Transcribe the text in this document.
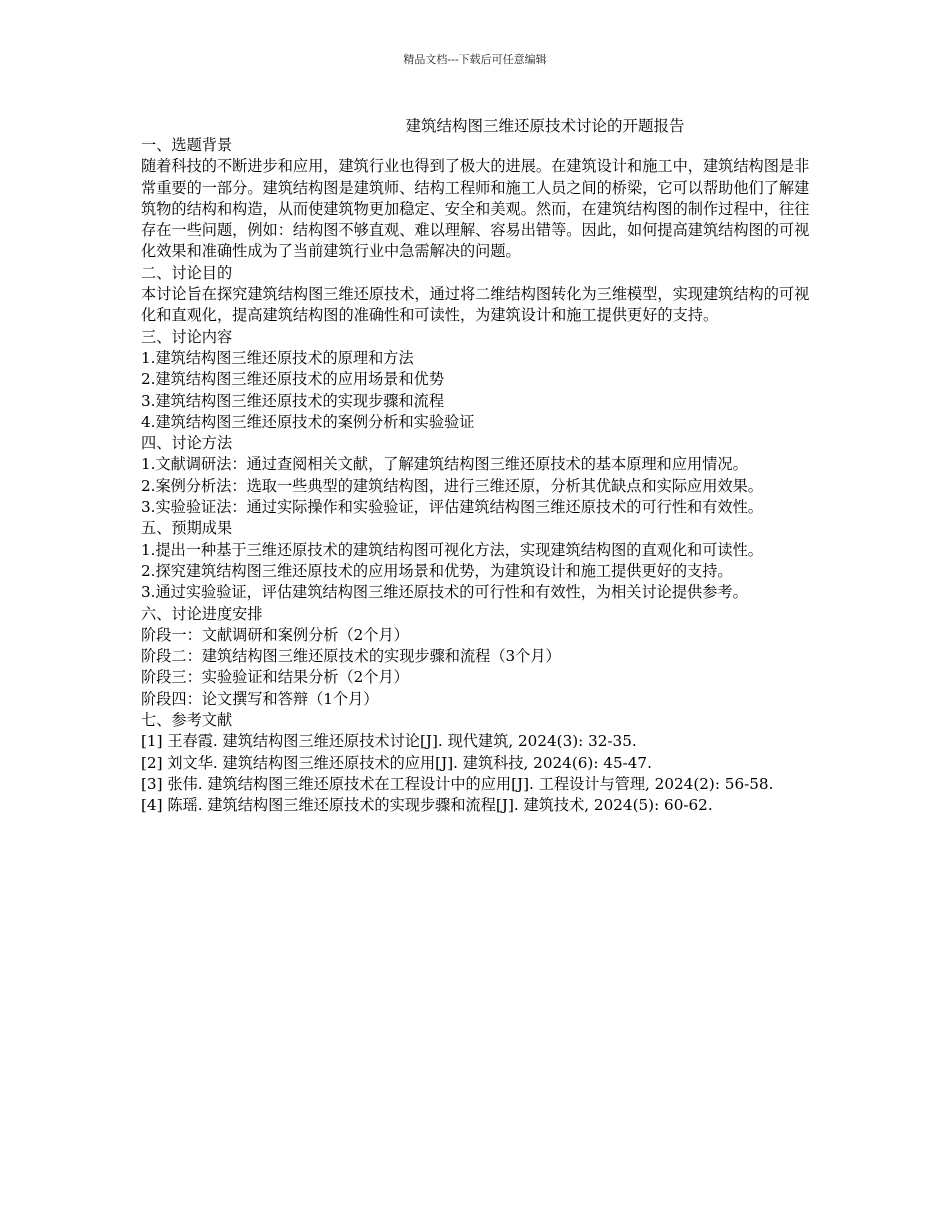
精品文档---下载后可任意编辑
建筑结构图三维还原技术讨论的开题报告

一、选题背景

随着科技的不断进步和应用，建筑行业也得到了极大的进展。在建筑设计和施工中，建筑结构图是非常重要的一部分。建筑结构图是建筑师、结构工程师和施工人员之间的桥梁，它可以帮助他们了解建筑物的结构和构造，从而使建筑物更加稳定、安全和美观。然而，在建筑结构图的制作过程中，往往存在一些问题，例如：结构图不够直观、难以理解、容易出错等。因此，如何提高建筑结构图的可视化效果和准确性成为了当前建筑行业中急需解决的问题。

二、讨论目的

本讨论旨在探究建筑结构图三维还原技术，通过将二维结构图转化为三维模型，实现建筑结构的可视化和直观化，提高建筑结构图的准确性和可读性，为建筑设计和施工提供更好的支持。

三、讨论内容

1.建筑结构图三维还原技术的原理和方法

2.建筑结构图三维还原技术的应用场景和优势

3.建筑结构图三维还原技术的实现步骤和流程

4.建筑结构图三维还原技术的案例分析和实验验证

四、讨论方法

1.文献调研法：通过查阅相关文献，了解建筑结构图三维还原技术的基本原理和应用情况。

2.案例分析法：选取一些典型的建筑结构图，进行三维还原，分析其优缺点和实际应用效果。

3.实验验证法：通过实际操作和实验验证，评估建筑结构图三维还原技术的可行性和有效性。

五、预期成果

1.提出一种基于三维还原技术的建筑结构图可视化方法，实现建筑结构图的直观化和可读性。

2.探究建筑结构图三维还原技术的应用场景和优势，为建筑设计和施工提供更好的支持。

3.通过实验验证，评估建筑结构图三维还原技术的可行性和有效性，为相关讨论提供参考。

六、讨论进度安排

阶段一：文献调研和案例分析（2个月）

阶段二：建筑结构图三维还原技术的实现步骤和流程（3个月）

阶段三：实验验证和结果分析（2个月）

阶段四：论文撰写和答辩（1个月）

七、参考文献

[1] 王春霞. 建筑结构图三维还原技术讨论[J]. 现代建筑, 2024(3): 32-35.

[2] 刘文华. 建筑结构图三维还原技术的应用[J]. 建筑科技, 2024(6): 45-47.

[3] 张伟. 建筑结构图三维还原技术在工程设计中的应用[J]. 工程设计与管理, 2024(2): 56-58.

[4] 陈瑶. 建筑结构图三维还原技术的实现步骤和流程[J]. 建筑技术, 2024(5): 60-62.
